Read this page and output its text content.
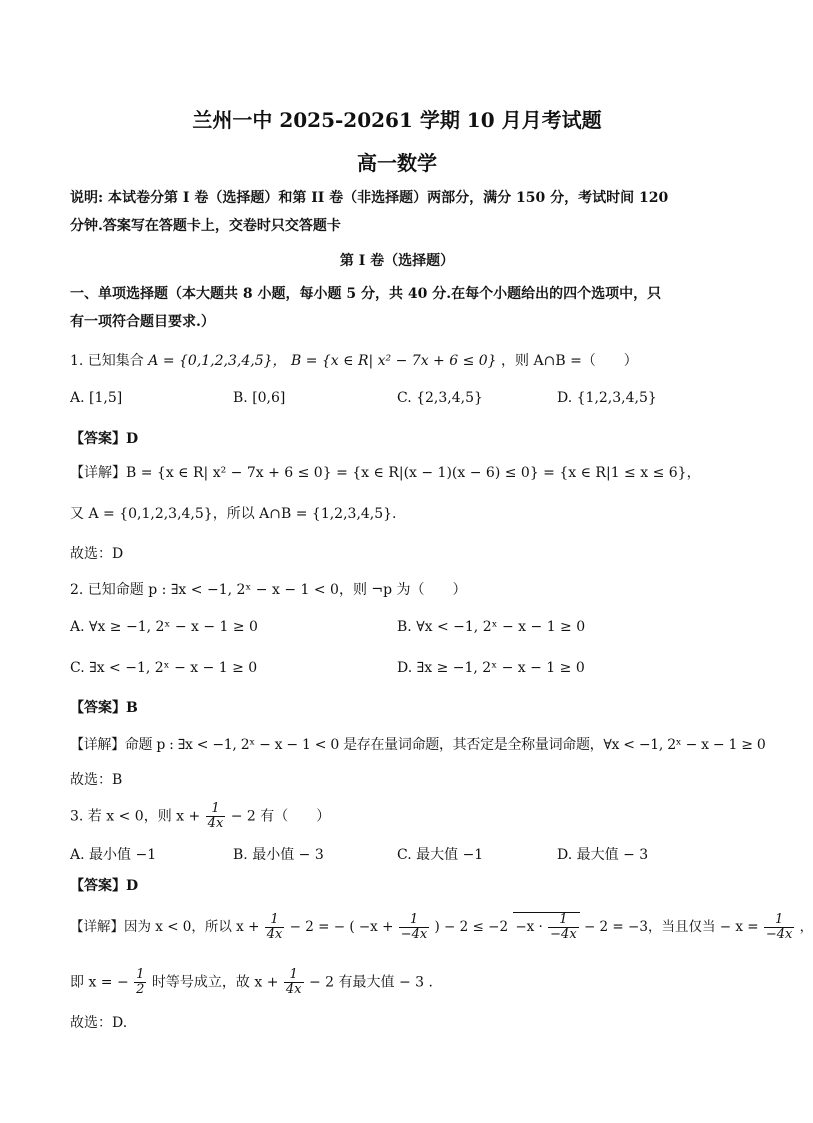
兰州一中 2025-20261 学期 10 月月考试题
高一数学
说明: 本试卷分第 I 卷（选择题）和第 II 卷（非选择题）两部分，满分 150 分，考试时间 120
分钟.答案写在答题卡上，交卷时只交答题卡
第 I 卷（选择题）
一、单项选择题（本大题共 8 小题，每小题 5 分，共 40 分.在每个小题给出的四个选项中，只
有一项符合题目要求.）
1. 已知集合 A = {0,1,2,3,4,5}， B = {x ∈ R| x² − 7x + 6 ≤ 0} ，则 A∩B =（　　）
A. [1,5]	B. [0,6]	C. {2,3,4,5}	D. {1,2,3,4,5}
【答案】D
【详解】B = {x ∈ R| x² − 7x + 6 ≤ 0} = {x ∈ R|(x − 1)(x − 6) ≤ 0} = {x ∈ R|1 ≤ x ≤ 6}，
又 A = {0,1,2,3,4,5}，所以 A∩B = {1,2,3,4,5}.
故选：D
2. 已知命题 p : ∃x < −1, 2ˣ − x − 1 < 0，则 ¬p 为（　　）
A. ∀x ≥ −1, 2ˣ − x − 1 ≥ 0	B. ∀x < −1, 2ˣ − x − 1 ≥ 0
C. ∃x < −1, 2ˣ − x − 1 ≥ 0	D. ∃x ≥ −1, 2ˣ − x − 1 ≥ 0
【答案】B
【详解】命题 p : ∃x < −1, 2ˣ − x − 1 < 0 是存在量词命题，其否定是全称量词命题，∀x < −1, 2ˣ − x − 1 ≥ 0
故选：B
3. 若 x < 0，则 $x + \frac{1}{4x} - 2$ 有（　　）
A. 最小值 −1	B. 最小值 − 3	C. 最大值 −1	D. 最大值 − 3
【答案】D
【详解】因为 x < 0，所以 $x + \frac{1}{4x} - 2$ = − ( $-x + \frac{1}{-4x}$ ) − $2 \le -2 -x \cdot \frac{1}{-4x} - 2 = -3$，当且仅当 − $x = \frac{1}{-4x}$ ，
即 x = − $\frac{1}{2}$ 时等号成立，故 $x + \frac{1}{4x} - 2$ 有最大值 − 3 .
故选：D.
